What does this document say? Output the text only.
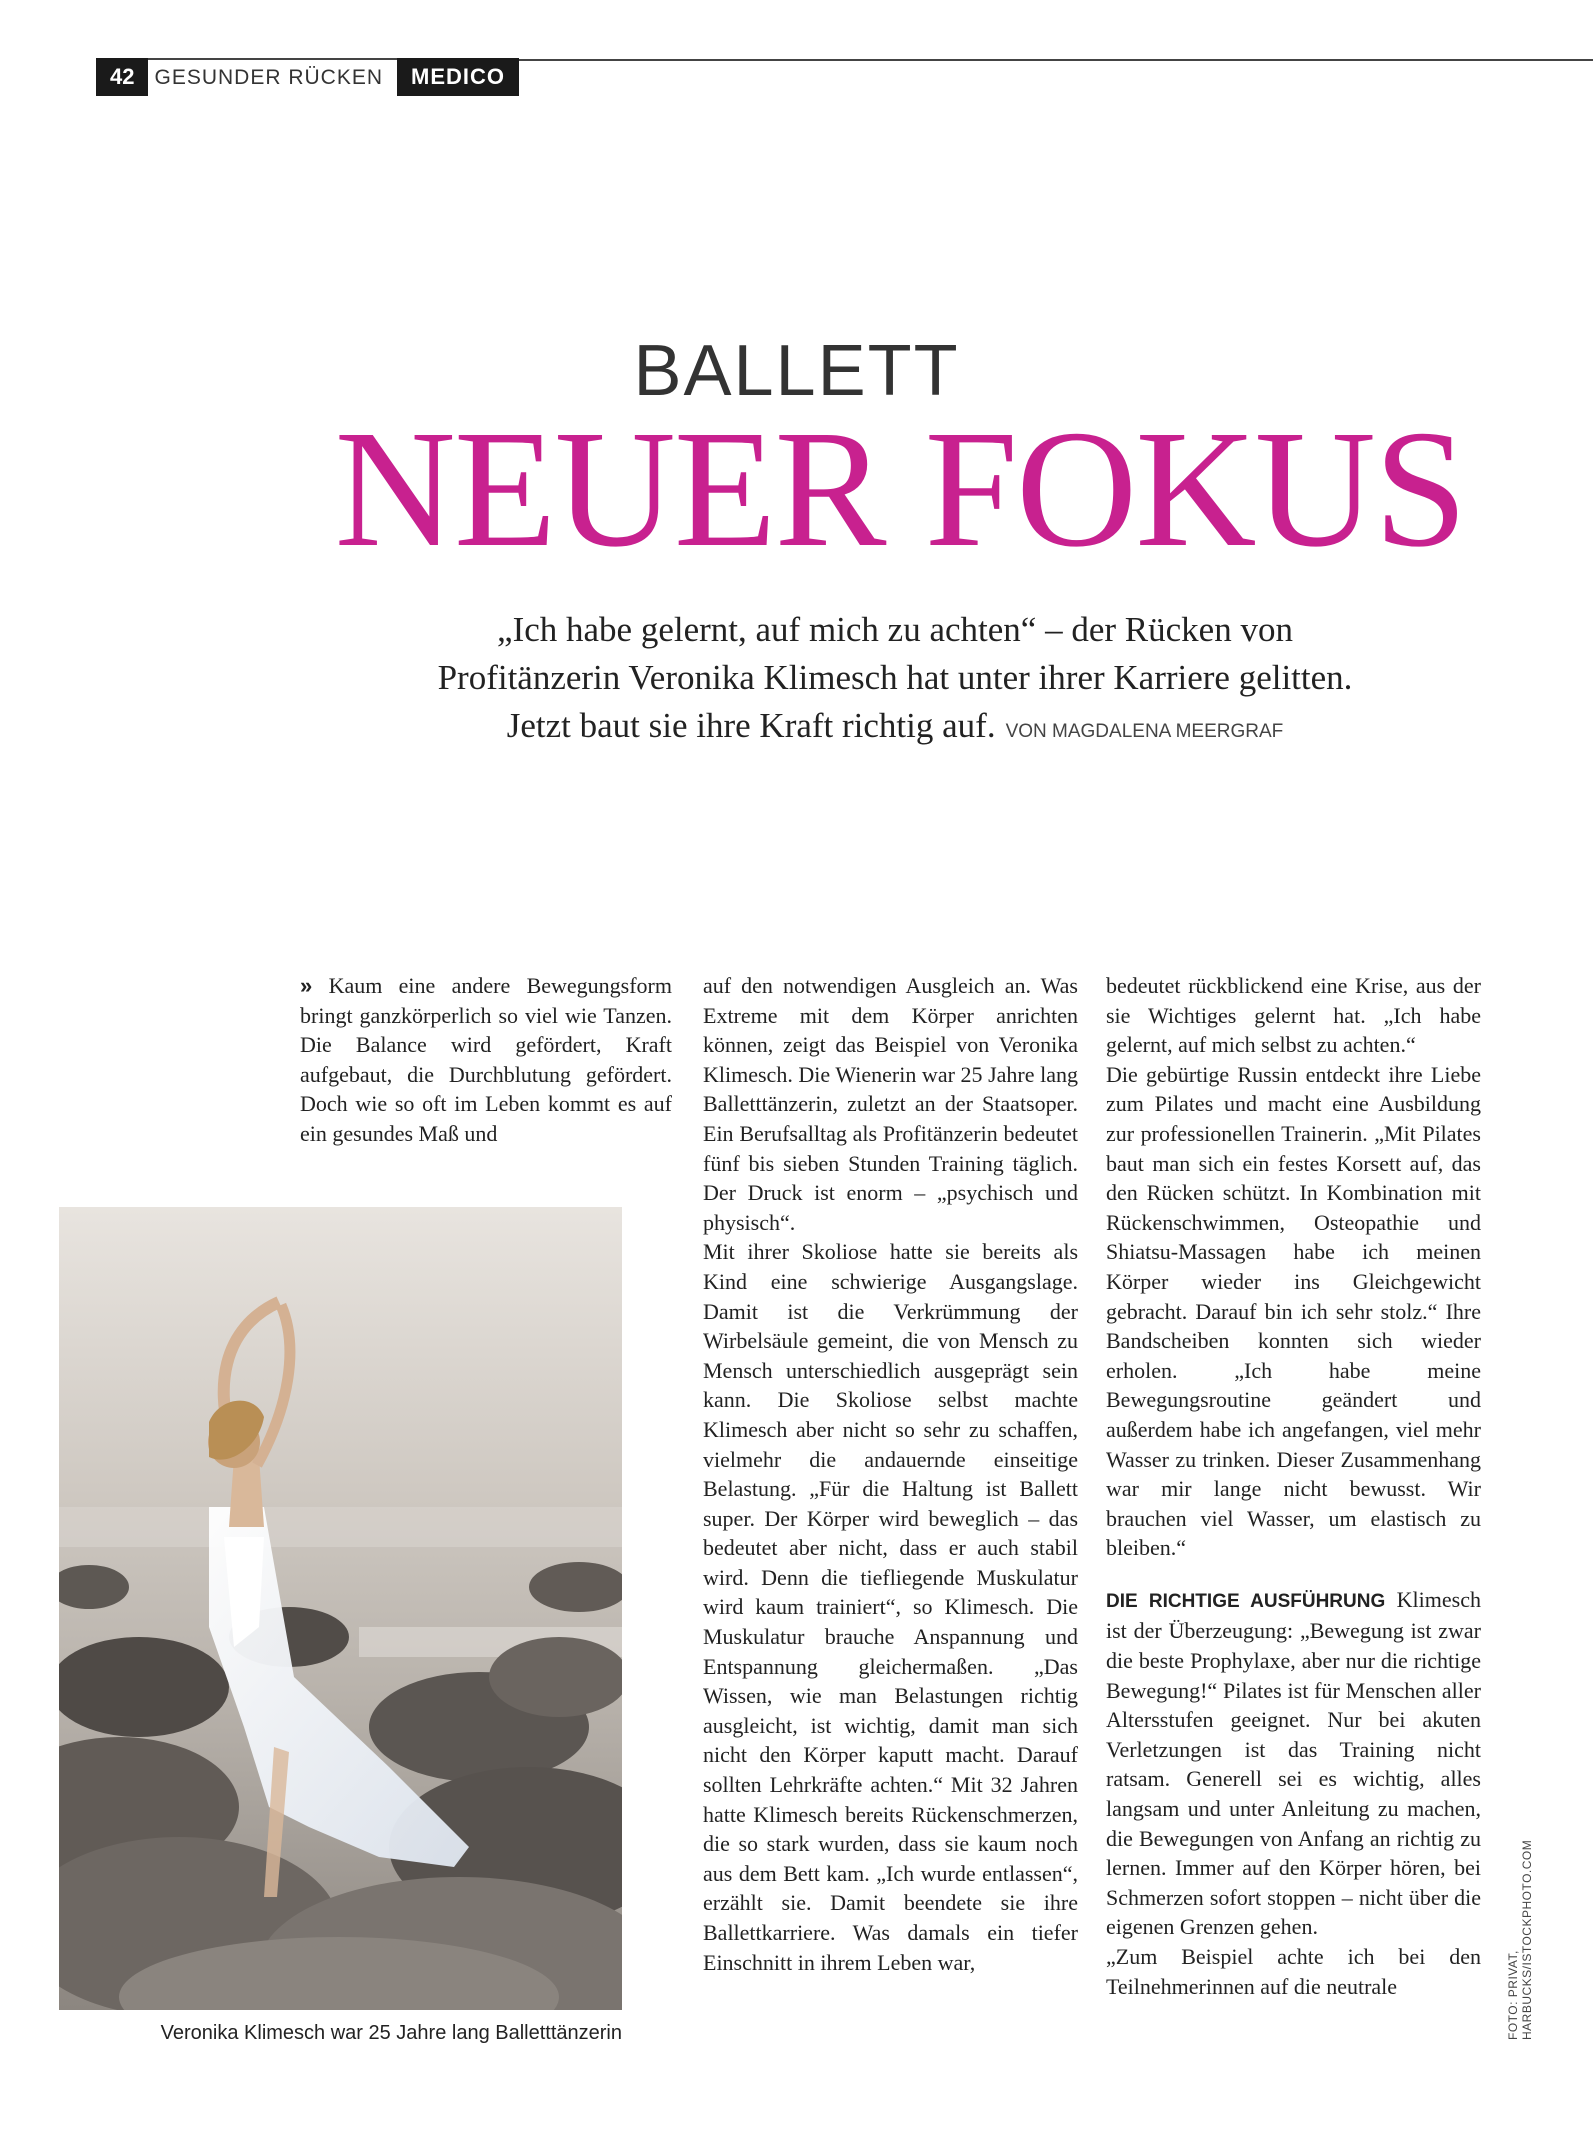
42 GESUNDER RÜCKEN	MEDICO
BALLETT
NEUER FOKUS
„Ich habe gelernt, auf mich zu achten“ – der Rücken von
Profitänzerin Veronika Klimesch hat unter ihrer Karriere gelitten.
Jetzt baut sie ihre Kraft richtig auf. VON MAGDALENA MEERGRAF

» Kaum eine andere Bewegungsform bringt ganzkörperlich so viel wie Tanzen. Die Balance wird gefördert, Kraft aufgebaut, die Durchblutung gefördert. Doch wie so oft im Leben kommt es auf ein gesundes Maß und

Veronika Klimesch war 25 Jahre lang Balletttänzerin

auf den notwendigen Ausgleich an. Was Extreme mit dem Körper anrichten können, zeigt das Beispiel von Veronika Klimesch. Die Wienerin war 25 Jahre lang Balletttänzerin, zuletzt an der Staatsoper. Ein Berufsalltag als Profitänzerin bedeutet fünf bis sieben Stunden Training täglich. Der Druck ist enorm – „psychisch und physisch“.

Mit ihrer Skoliose hatte sie bereits als Kind eine schwierige Ausgangslage. Damit ist die Verkrümmung der Wirbelsäule gemeint, die von Mensch zu Mensch unterschiedlich ausgeprägt sein kann. Die Skoliose selbst machte Klimesch aber nicht so sehr zu schaffen, vielmehr die andauernde einseitige Belastung. „Für die Haltung ist Ballett super. Der Körper wird beweglich – das bedeutet aber nicht, dass er auch stabil wird. Denn die tiefliegende Muskulatur wird kaum trainiert“, so Klimesch. Die Muskulatur brauche Anspannung und Entspannung gleichermaßen. „Das Wissen, wie man Belastungen richtig ausgleicht, ist wichtig, damit man sich nicht den Körper kaputt macht. Darauf sollten Lehrkräfte achten.“ Mit 32 Jahren hatte Klimesch bereits Rückenschmerzen, die so stark wurden, dass sie kaum noch aus dem Bett kam. „Ich wurde entlassen“, erzählt sie. Damit beendete sie ihre Ballettkarriere. Was damals ein tiefer Einschnitt in ihrem Leben war,

bedeutet rückblickend eine Krise, aus der sie Wichtiges gelernt hat. „Ich habe gelernt, auf mich selbst zu achten.“

Die gebürtige Russin entdeckt ihre Liebe zum Pilates und macht eine Ausbildung zur professionellen Trainerin. „Mit Pilates baut man sich ein festes Korsett auf, das den Rücken schützt. In Kombination mit Rückenschwimmen, Osteopathie und Shiatsu-Massagen habe ich meinen Körper wieder ins Gleichgewicht gebracht. Darauf bin ich sehr stolz.“ Ihre Bandscheiben konnten sich wieder erholen. „Ich habe meine Bewegungsroutine geändert und außerdem habe ich angefangen, viel mehr Wasser zu trinken. Dieser Zusammenhang war mir lange nicht bewusst. Wir brauchen viel Wasser, um elastisch zu bleiben.“

DIE RICHTIGE AUSFÜHRUNG Klimesch ist der Überzeugung: „Bewegung ist zwar die beste Prophylaxe, aber nur die richtige Bewegung!“ Pilates ist für Menschen aller Altersstufen geeignet. Nur bei akuten Verletzungen ist das Training nicht ratsam. Generell sei es wichtig, alles langsam und unter Anleitung zu machen, die Bewegungen von Anfang an richtig zu lernen. Immer auf den Körper hören, bei Schmerzen sofort stoppen – nicht über die eigenen Grenzen gehen.

„Zum Beispiel achte ich bei den Teilnehmerinnen auf die neutrale	FOTO: PRIVAT, HARBUCKS/ISTOCKPHOTO.COM
